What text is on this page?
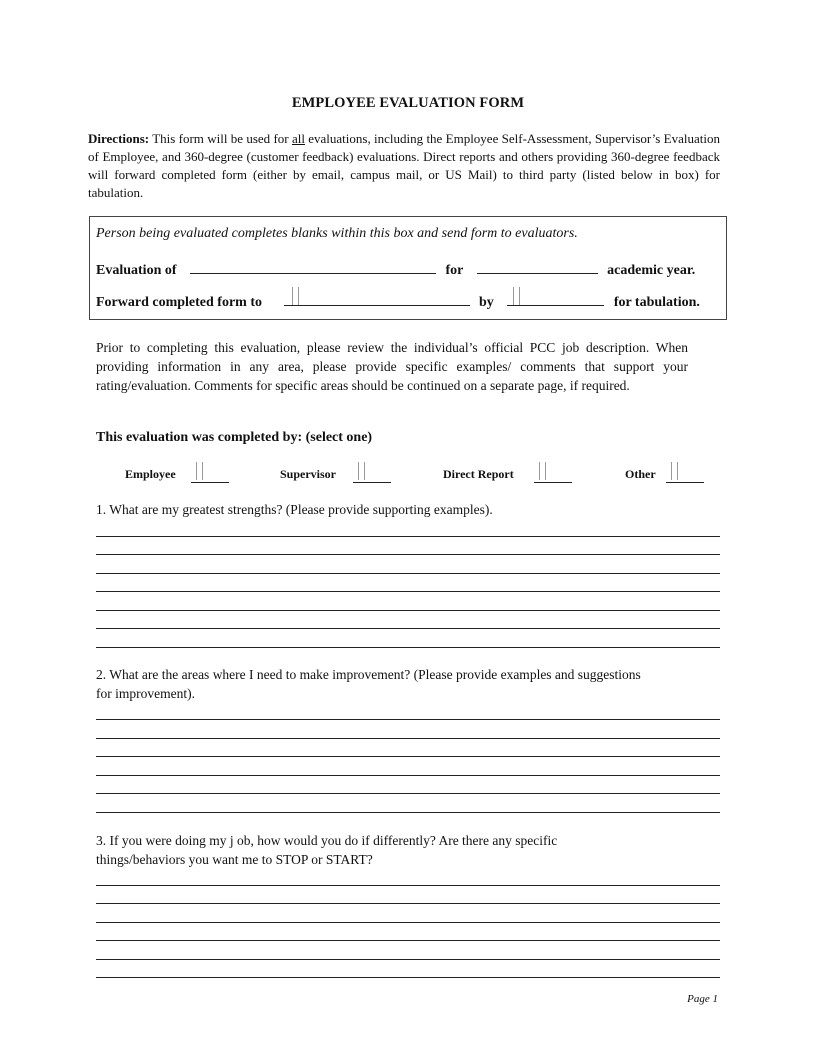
EMPLOYEE EVALUATION FORM
Directions: This form will be used for all evaluations, including the Employee Self-Assessment, Supervisor’s Evaluation of Employee, and 360-degree (customer feedback) evaluations. Direct reports and others providing 360-degree feedback will forward completed form (either by email, campus mail, or US Mail) to third party (listed below in box) for tabulation.
Person being evaluated completes blanks within this box and send form to evaluators.
Evaluation of	for	academic year.
Forward completed form to	by	for tabulation.
Prior to completing this evaluation, please review the individual’s official PCC job description. When providing information in any area, please provide specific examples/ comments that support your rating/evaluation. Comments for specific areas should be continued on a separate page, if required.
This evaluation was completed by: (select one)
Employee	Supervisor	Direct Report	Other
1. What are my greatest strengths? (Please provide supporting examples).
2. What are the areas where I need to make improvement? (Please provide examples and suggestions for improvement).
3. If you were doing my j ob, how would you do if differently? Are there any specific things/behaviors you want me to STOP or START?
Page 1
